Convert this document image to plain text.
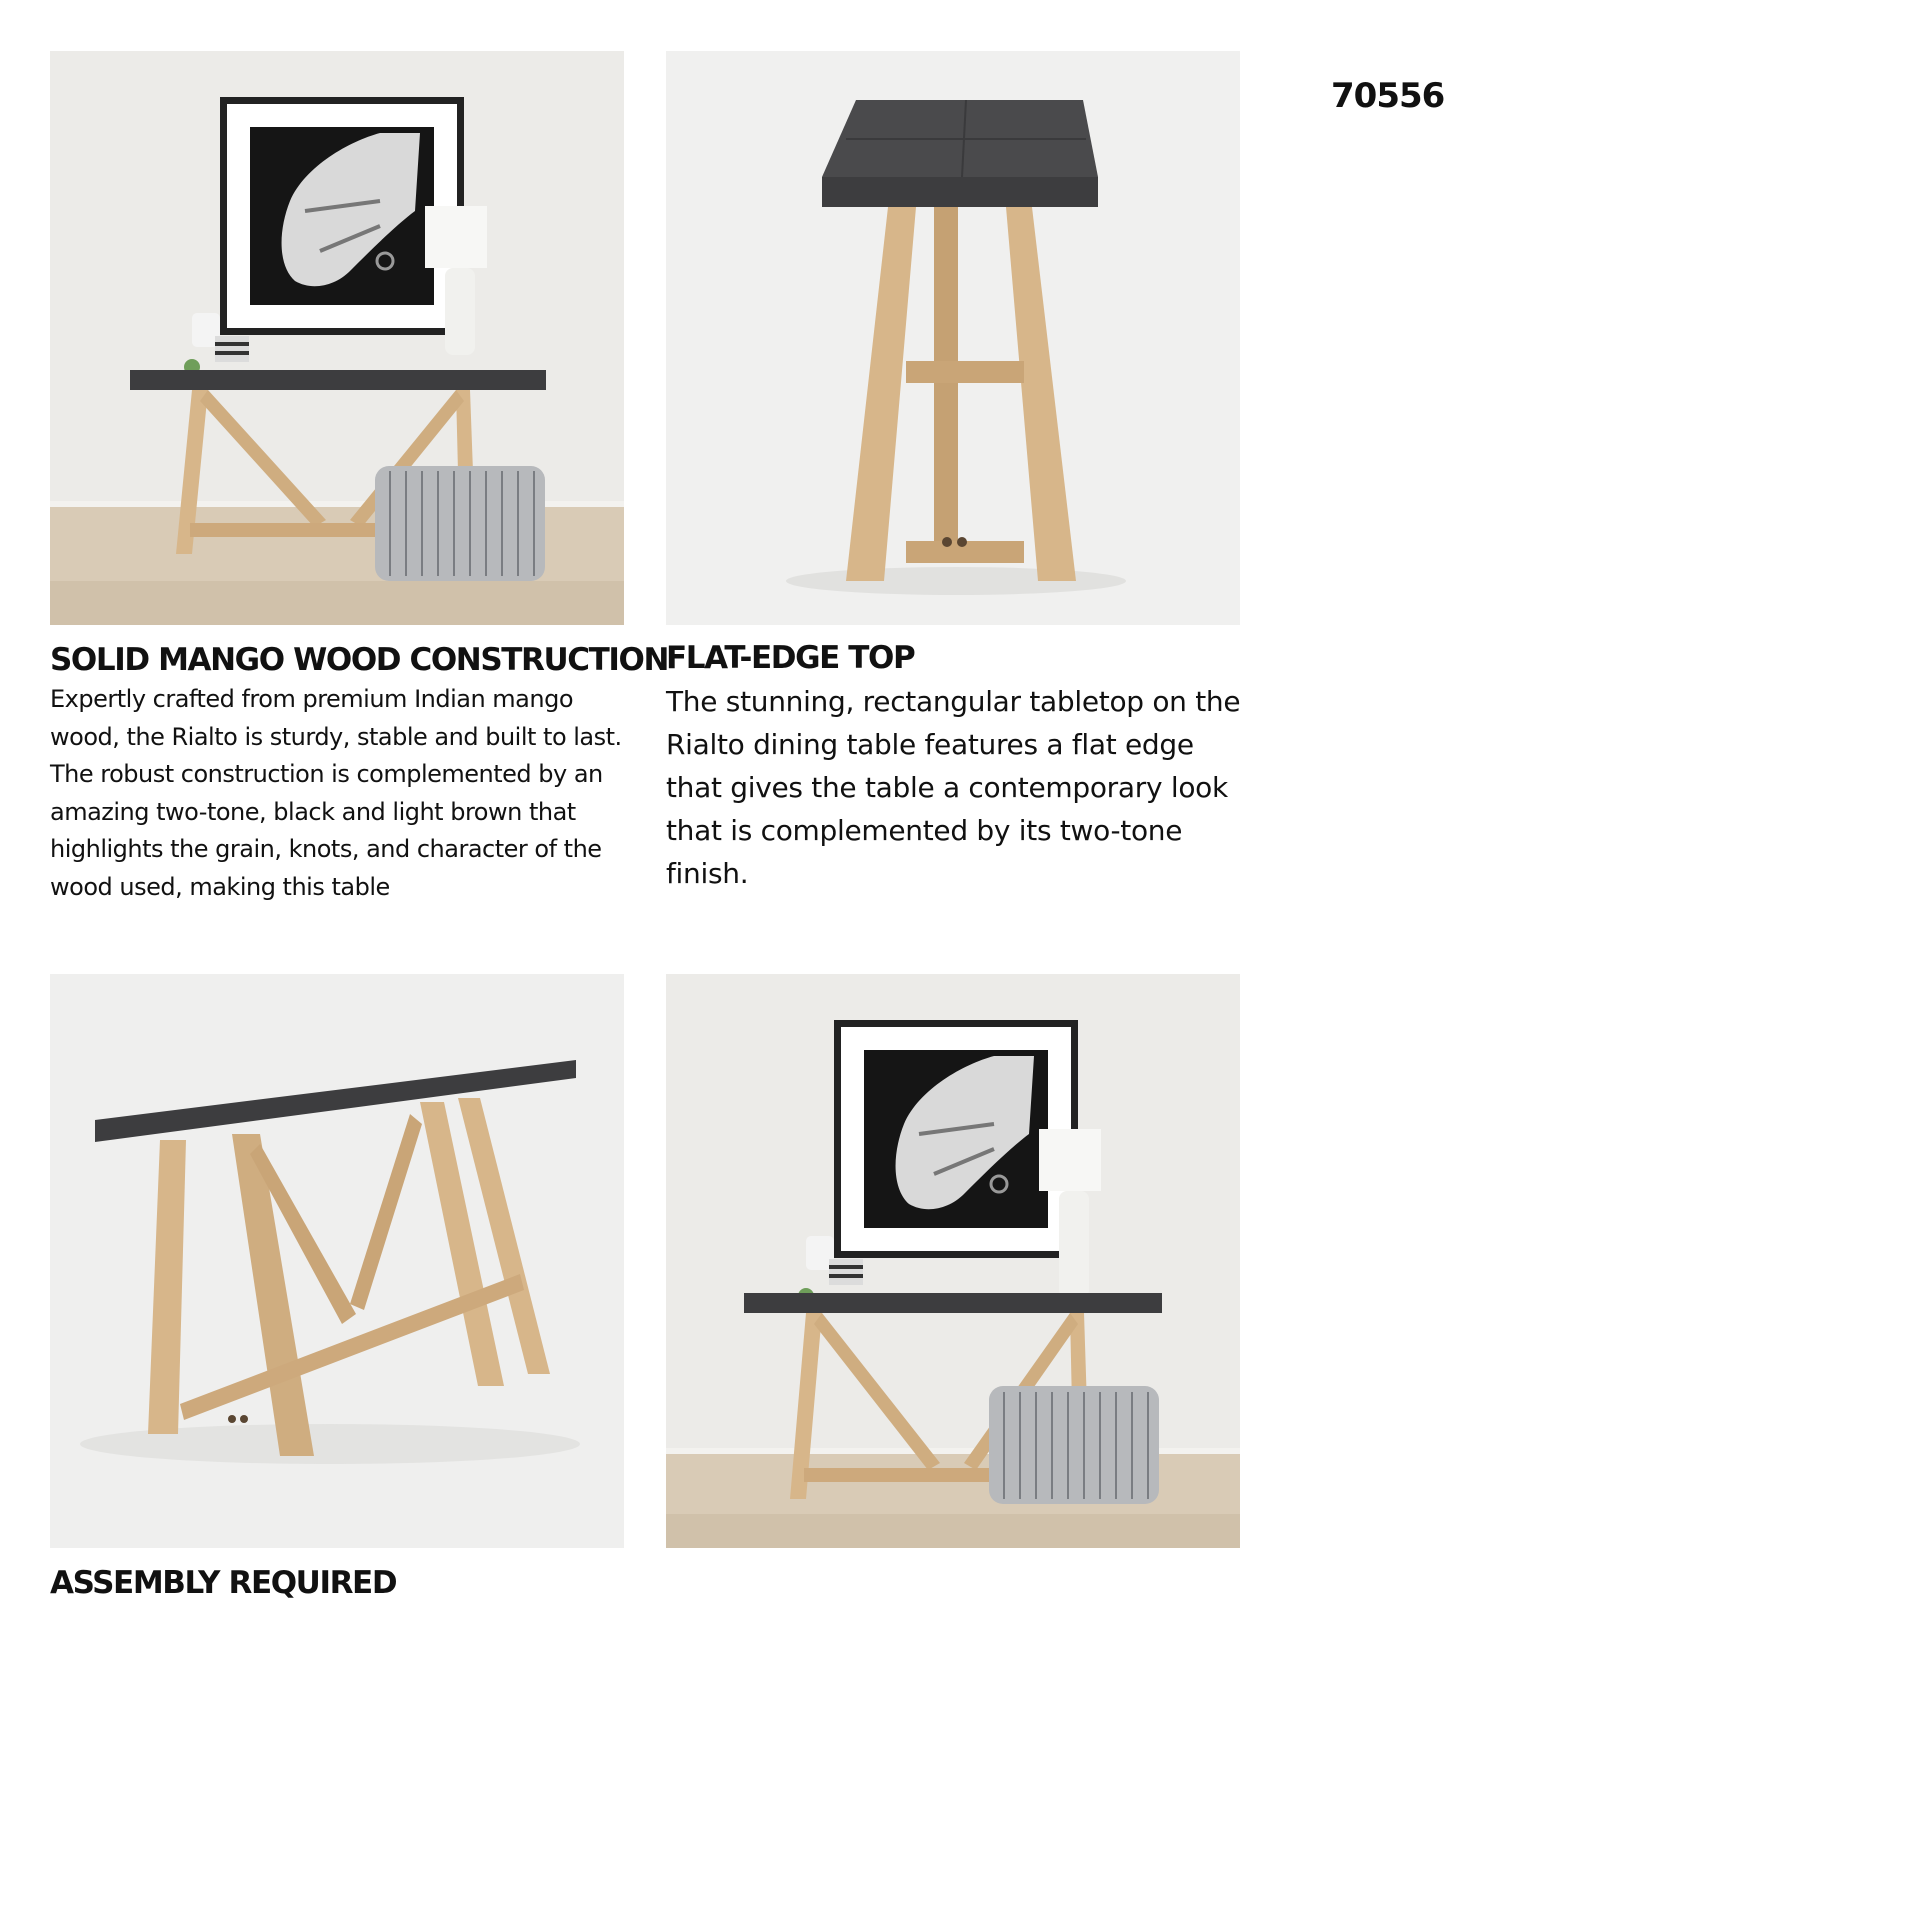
SOLID MANGO WOOD CONSTRUCTION

Expertly crafted from premium Indian mango wood, the Rialto is sturdy, stable and built to last. The robust construction is complemented by an amazing two-tone, black and light brown that highlights the grain, knots, and character of the wood used, making this table

FLAT-EDGE TOP

The stunning, rectangular tabletop on the Rialto dining table features a flat edge that gives the table a contemporary look that is complemented by its two-tone finish.

ASSEMBLY REQUIRED
70556
